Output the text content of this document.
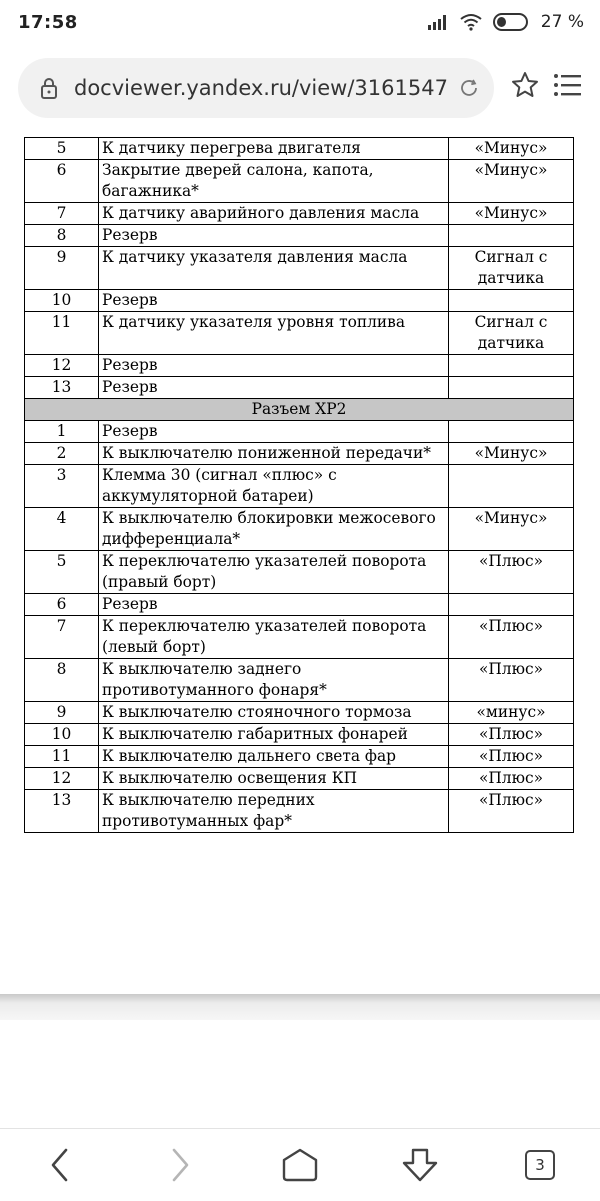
17:58	27 %
docviewer.yandex.ru/view/3161547
5	К датчику перегрева двигателя	«Минус»
6	Закрытие дверей салона, капота, багажника*	«Минус»
7	К датчику аварийного давления масла	«Минус»
8	Резерв	
9	К датчику указателя давления масла	Сигнал с датчика
10	Резерв	
11	К датчику указателя уровня топлива	Сигнал с датчика
12	Резерв	
13	Резерв	
Разъем ХР2		
1	Резерв	
2	К выключателю пониженной передачи*	«Минус»
3	Клемма 30 (сигнал «плюс» с аккумуляторной батареи)	
4	К выключателю блокировки межосевого дифференциала*	«Минус»
5	К переключателю указателей поворота (правый борт)	«Плюс»
6	Резерв	
7	К переключателю указателей поворота (левый борт)	«Плюс»
8	К выключателю заднего противотуманного фонаря*	«Плюс»
9	К выключателю стояночного тормоза	«минус»
10	К выключателю габаритных фонарей	«Плюс»
11	К выключателю дальнего света фар	«Плюс»
12	К выключателю освещения КП	«Плюс»
13	К выключателю передних противотуманных фар*	«Плюс»
3
